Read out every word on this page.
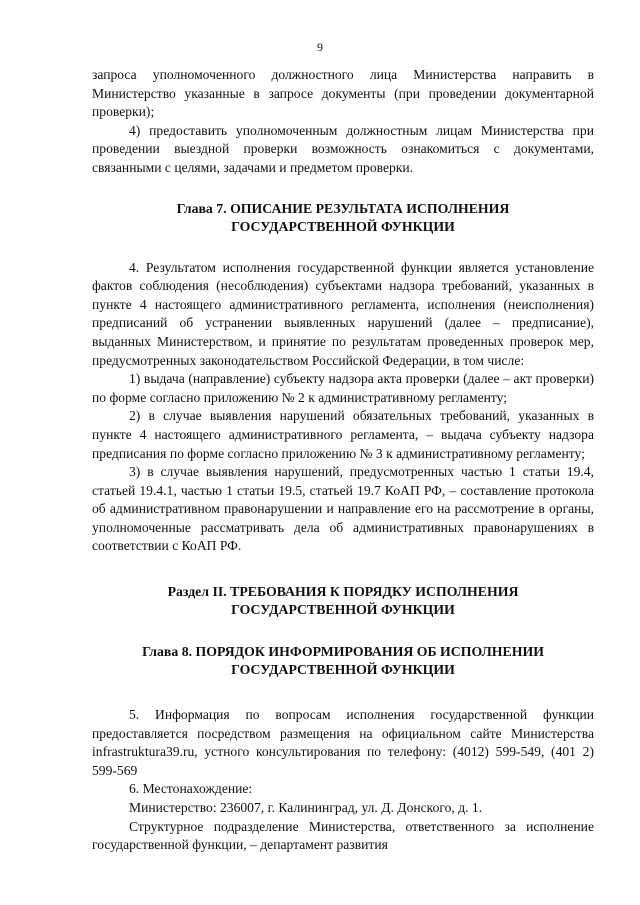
9

запроса уполномоченного должностного лица Министерства направить в Министерство указанные в запросе документы (при проведении документарной проверки);

4) предоставить уполномоченным должностным лицам Министерства при проведении выездной проверки возможность ознакомиться с документами, связанными с целями, задачами и предметом проверки.

Глава 7. ОПИСАНИЕ РЕЗУЛЬТАТА ИСПОЛНЕНИЯ

ГОСУДАРСТВЕННОЙ ФУНКЦИИ

4. Результатом исполнения государственной функции является установление фактов соблюдения (несоблюдения) субъектами надзора требований, указанных в пункте 4 настоящего административного регламента, исполнения (неисполнения) предписаний об устранении выявленных нарушений (далее – предписание), выданных Министерством, и принятие по результатам проведенных проверок мер, предусмотренных законодательством Российской Федерации, в том числе:

1) выдача (направление) субъекту надзора акта проверки (далее – акт проверки) по форме согласно приложению № 2 к административному регламенту;

2) в случае выявления нарушений обязательных требований, указанных в пункте 4 настоящего административного регламента, – выдача субъекту надзора предписания по форме согласно приложению № 3 к административному регламенту;

3) в случае выявления нарушений, предусмотренных частью 1 статьи 19.4, статьей 19.4.1, частью 1 статьи 19.5, статьей 19.7 КоАП РФ, – составление протокола об административном правонарушении и направление его на рассмотрение в органы, уполномоченные рассматривать дела об административных правонарушениях в соответствии с КоАП РФ.

Раздел II. ТРЕБОВАНИЯ К ПОРЯДКУ ИСПОЛНЕНИЯ

ГОСУДАРСТВЕННОЙ ФУНКЦИИ

Глава 8. ПОРЯДОК ИНФОРМИРОВАНИЯ ОБ ИСПОЛНЕНИИ

ГОСУДАРСТВЕННОЙ ФУНКЦИИ

5. Информация по вопросам исполнения государственной функции предоставляется посредством размещения на официальном сайте Министерства infrastruktura39.ru, устного консультирования по телефону: (4012) 599-549, (401 2) 599-569

6. Местонахождение:

Министерство: 236007, г. Калининград, ул. Д. Донского, д. 1.

Структурное подразделение Министерства, ответственного за исполнение государственной функции, – департамент развития
